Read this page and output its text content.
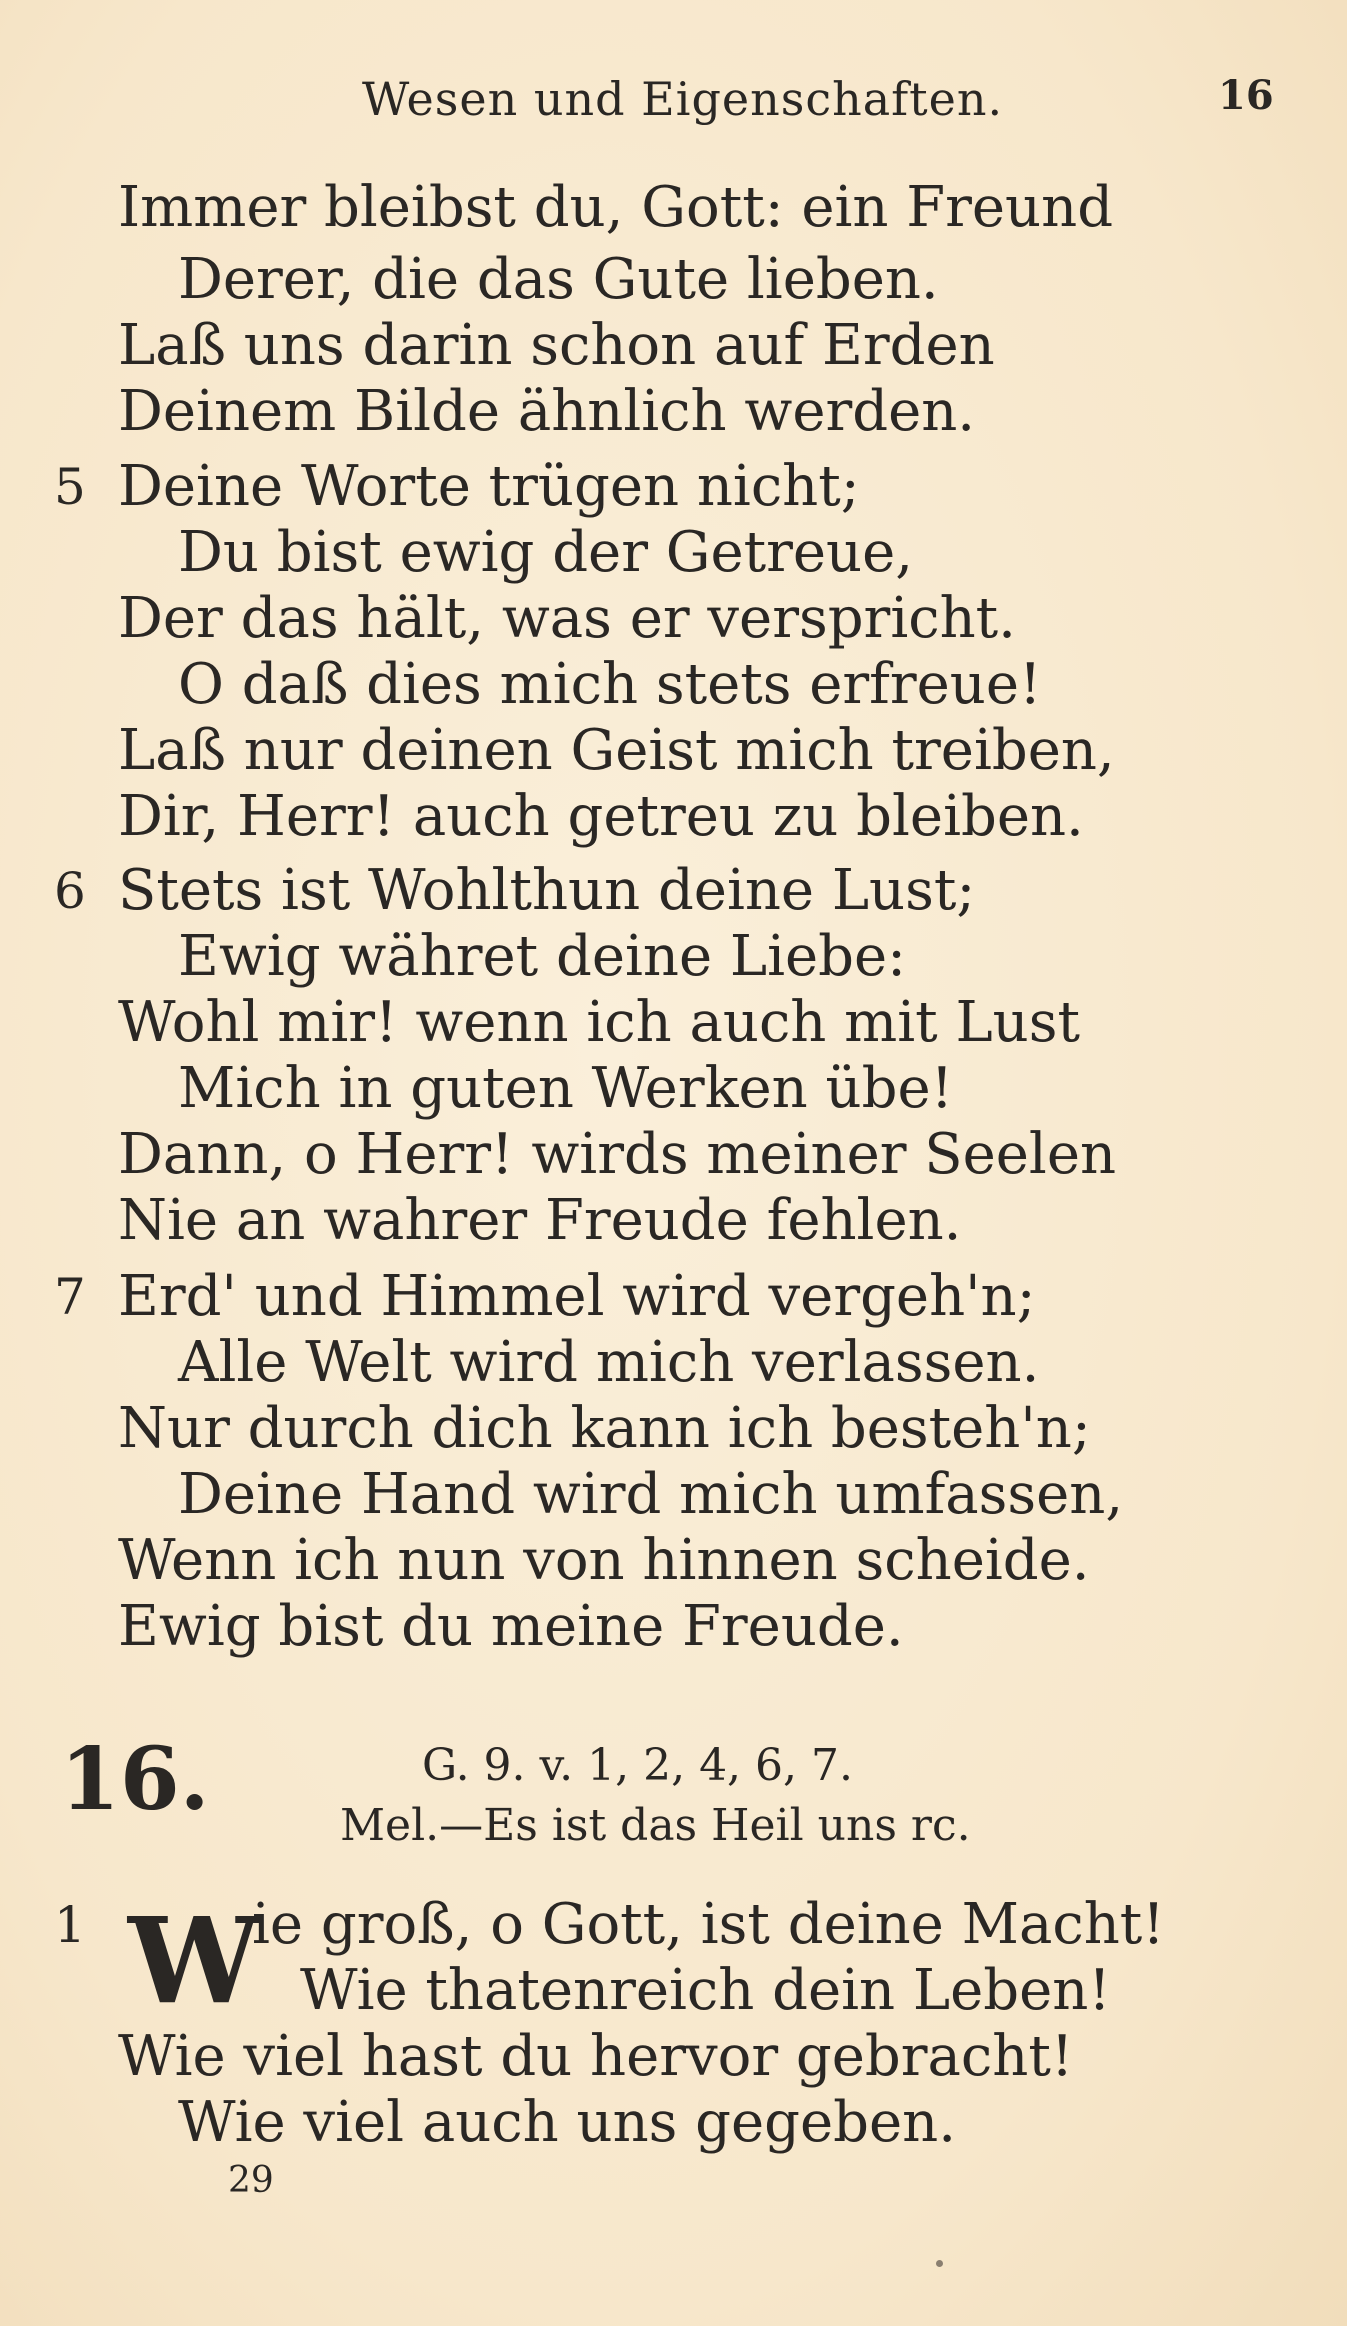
Wesen und Eigenschaften.	16
Immer bleibst du, Gott: ein Freund
Derer, die das Gute lieben.
Laß uns darin schon auf Erden
Deinem Bilde ähnlich werden.
5 Deine Worte trügen nicht;
Du bist ewig der Getreue,
Der das hält, was er verspricht.
O daß dies mich stets erfreue!
Laß nur deinen Geist mich treiben,
Dir, Herr! auch getreu zu bleiben.
6 Stets ist Wohlthun deine Lust;
Ewig währet deine Liebe:
Wohl mir! wenn ich auch mit Lust
Mich in guten Werken übe!
Dann, o Herr! wirds meiner Seelen
Nie an wahrer Freude fehlen.
7 Erd' und Himmel wird vergeh'n;
Alle Welt wird mich verlassen.
Nur durch dich kann ich besteh'n;
Deine Hand wird mich umfassen,
Wenn ich nun von hinnen scheide.
Ewig bist du meine Freude.
16.	G. 9. v. 1, 2, 4, 6, 7.
Mel.—Es ist das Heil uns rc.
1 W
ie groß, o Gott, ist deine Macht!
Wie thatenreich dein Leben!
Wie viel hast du hervor gebracht!
Wie viel auch uns gegeben.
29
